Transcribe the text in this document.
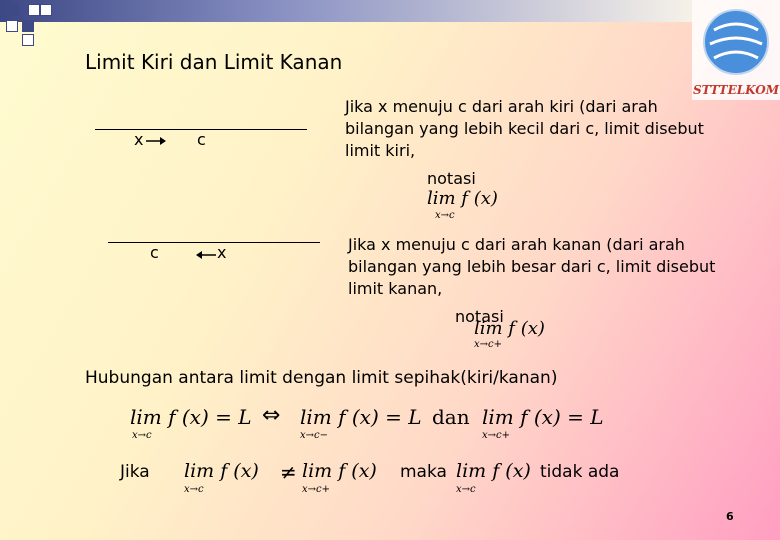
STTTELKOM
Limit Kiri dan Limit Kanan
x	c
c	x
Jika x menuju c dari arah kiri (dari arah
bilangan yang lebih kecil dari c, limit disebut
limit kiri,
notasi
lim f (x)
x→c
Jika x menuju c dari arah kanan (dari arah
bilangan yang lebih besar dari c, limit disebut
limit kanan,
notasi
lim f (x)
x→c+
Hubungan antara limit dengan limit sepihak(kiri/kanan)
lim f (x) = L
x→c
⇔ lim f (x) = L
x→c−
dan lim f (x) = L
x→c+
Jika lim f (x)
x→c
≠ lim f (x)
x→c+
maka lim f (x)
x→c
tidak ada
6
